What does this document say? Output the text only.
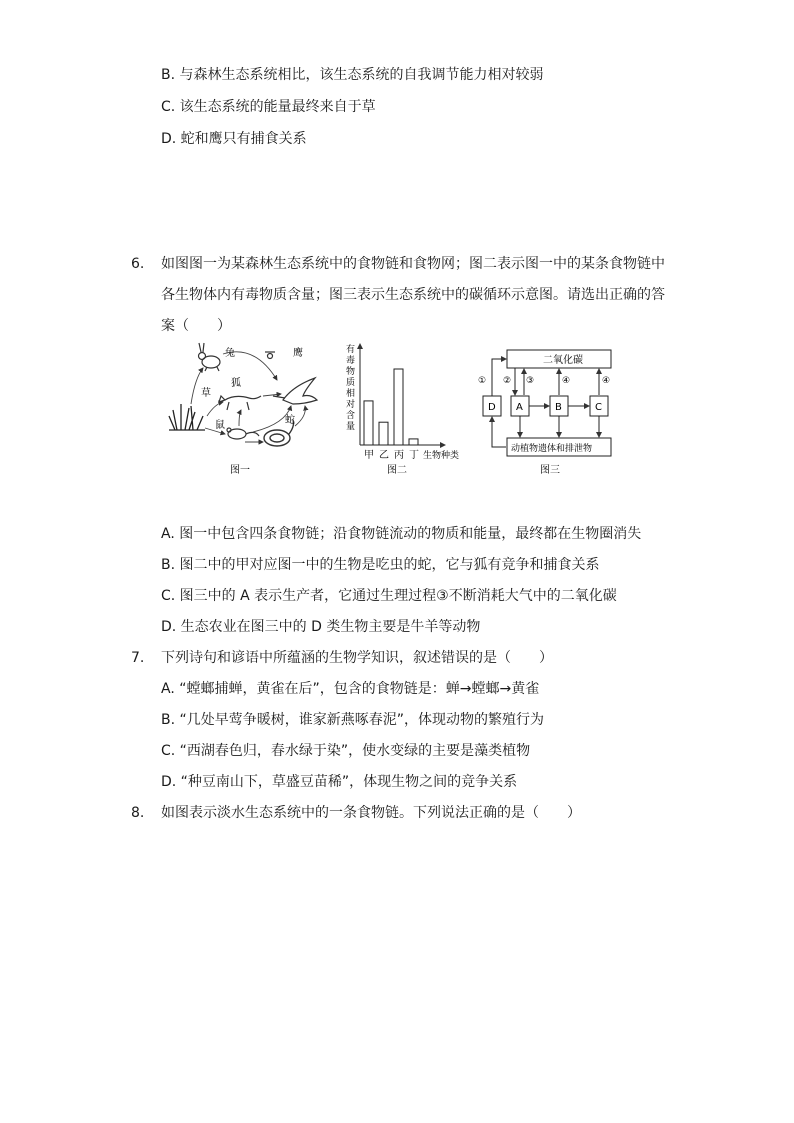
B. 与森林生态系统相比，该生态系统的自我调节能力相对较弱
C. 该生态系统的能量最终来自于草
D. 蛇和鹰只有捕食关系
6. 如图图一为某森林生态系统中的食物链和食物网；图二表示图一中的某条食物链中
各生物体内有毒物质含量；图三表示生态系统中的碳循环示意图。请选出正确的答
案（　　）
兔	鹰
草
狐
鼠	蛇
图一
有
毒
物
质
相
对
含
量
甲 乙 丙 丁 生物种类
图二
二氧化碳
D A	B	C
动植物遗体和排泄物
① ② ③	④	④
图三
A. 图一中包含四条食物链；沿食物链流动的物质和能量，最终都在生物圈消失
B. 图二中的甲对应图一中的生物是吃虫的蛇，它与狐有竞争和捕食关系
C. 图三中的 A 表示生产者，它通过生理过程③不断消耗大气中的二氧化碳
D. 生态农业在图三中的 D 类生物主要是牛羊等动物
7. 下列诗句和谚语中所蕴涵的生物学知识，叙述错误的是（　　）
A. “螳螂捕蝉，黄雀在后”，包含的食物链是：蝉→螳螂→黄雀
B. “几处早莺争暖树，谁家新燕啄春泥”，体现动物的繁殖行为
C. “西湖春色归，春水绿于染”，使水变绿的主要是藻类植物
D. “种豆南山下，草盛豆苗稀”，体现生物之间的竞争关系
8. 如图表示淡水生态系统中的一条食物链。下列说法正确的是（　　）
